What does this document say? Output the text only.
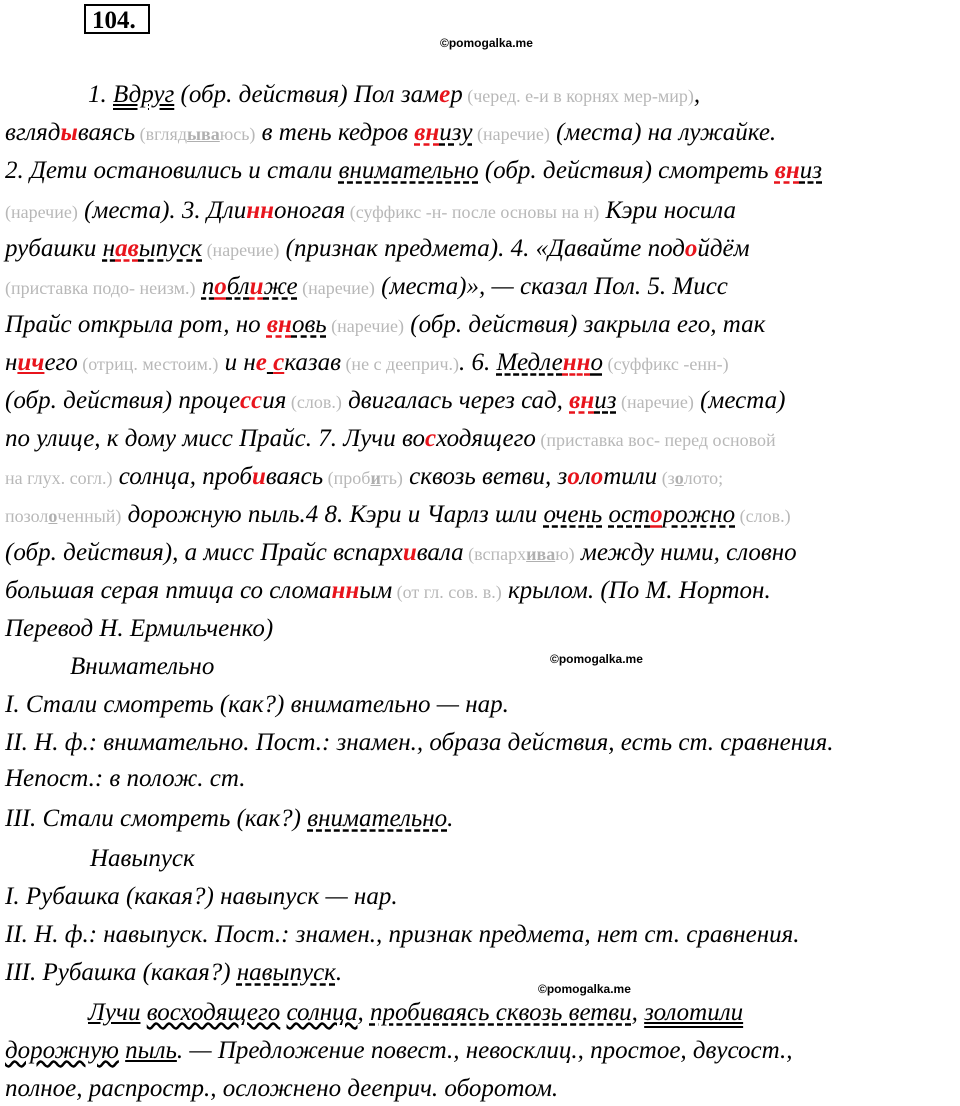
104.
©pomogalka.me
©pomogalka.me
©pomogalka.me
1. Вдруг (обр. действия) Пол замер (черед. е-и в корнях мер-мир),
вглядываясь (вглядываюсь) в тень кедров внизу (наречие) (места) на лужайке.
2. Дети остановились и стали внимательно (обр. действия) смотреть вниз
(наречие) (места). 3. Длинноногая (суффикс -н- после основы на н) Кэри носила
рубашки навыпуск (наречие) (признак предмета). 4. «Давайте подойдём
(приставка подо- неизм.) поближе (наречие) (места)», — сказал Пол. 5. Мисс
Прайс открыла рот, но вновь (наречие) (обр. действия) закрыла его, так
ничего (отриц. местоим.) и не сказав (не с дееприч.). 6. Медленно (суффикс -енн-)
(обр. действия) процессия (слов.) двигалась через сад, вниз (наречие) (места)
по улице, к дому мисс Прайс. 7. Лучи восходящего (приставка вос- перед основой
на глух. согл.) солнца, пробиваясь (пробить) сквозь ветви, золотили (золото;
позолоченный) дорожную пыль.4 8. Кэри и Чарлз шли очень осторожно (слов.)
(обр. действия), а мисс Прайс вспархивала (вспархиваю) между ними, словно
большая серая птица со сломанным (от гл. сов. в.) крылом. (По М. Нортон.
Перевод Н. Ермильченко)
Внимательно
I. Стали смотреть (как?) внимательно — нар.
II. Н. ф.: внимательно. Пост.: знамен., образа действия, есть ст. сравнения.
Непост.: в полож. ст.
III. Стали смотреть (как?) внимательно.
Навыпуск
I. Рубашка (какая?) навыпуск — нар.
II. Н. ф.: навыпуск. Пост.: знамен., признак предмета, нет ст. сравнения.
III. Рубашка (какая?) навыпуск.
Лучи восходящего солнца, пробиваясь сквозь ветви, золотили
дорожную пыль. — Предложение повест., невосклиц., простое, двусост.,
полное, распростр., осложнено дееприч. оборотом.
